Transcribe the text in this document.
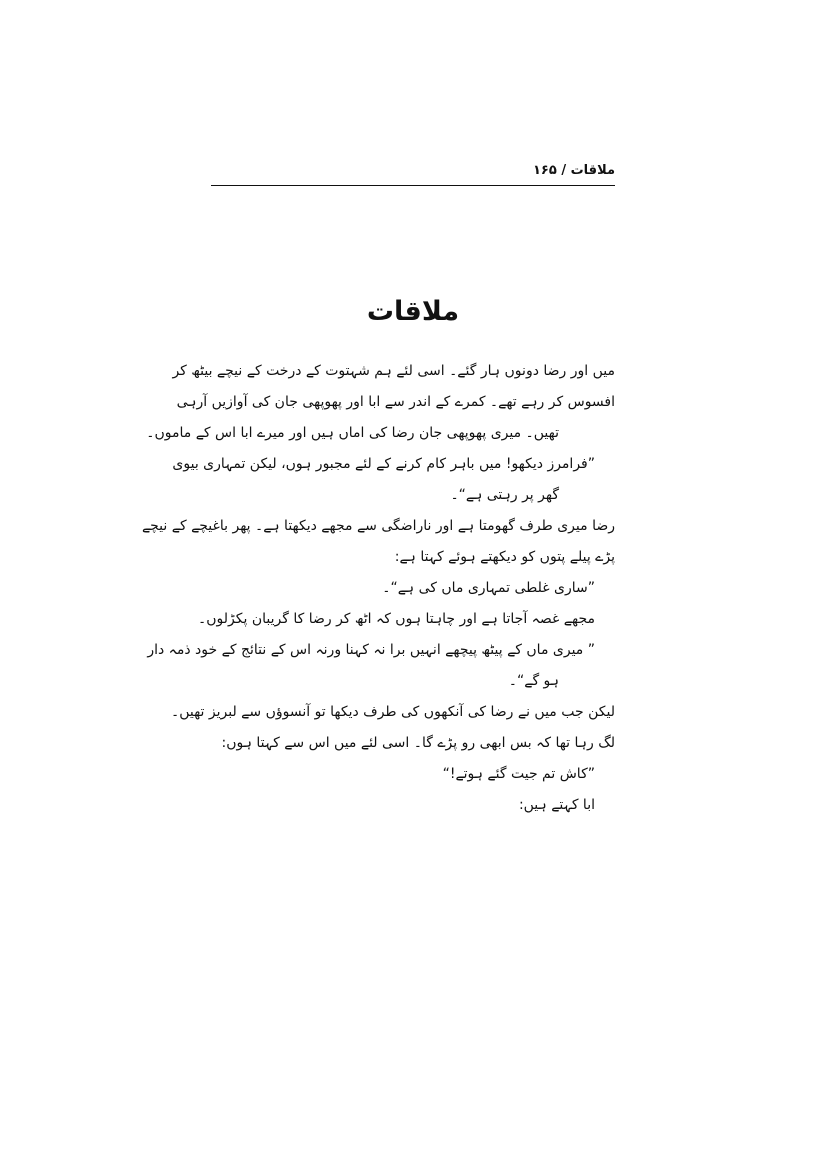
ملاقات / ۱۶۵
ملاقات
میں اور رضا دونوں ہار گئے۔ اسی لئے ہم شہتوت کے درخت کے نیچے بیٹھ کر
افسوس کر رہے تھے۔ کمرے کے اندر سے ابا اور پھوپھی جان کی آوازیں آرہی
تھیں۔ میری پھوپھی جان رضا کی اماں ہیں اور میرے ابا اس کے ماموں۔
”فرامرز دیکھو! میں باہر کام کرنے کے لئے مجبور ہوں، لیکن تمہاری بیوی
گھر پر رہتی ہے“۔
رضا میری طرف گھومتا ہے اور ناراضگی سے مجھے دیکھتا ہے۔ پھر باغیچے کے نیچے
پڑے پیلے پتوں کو دیکھتے ہوئے کہتا ہے:
”ساری غلطی تمہاری ماں کی ہے“۔
مجھے غصہ آجاتا ہے اور چاہتا ہوں کہ اٹھ کر رضا کا گریبان پکڑلوں۔
” میری ماں کے پیٹھ پیچھے انہیں برا نہ کہنا ورنہ اس کے نتائج کے خود ذمہ دار
ہو گے“۔
لیکن جب میں نے رضا کی آنکھوں کی طرف دیکھا تو آنسوؤں سے لبریز تھیں۔
لگ رہا تھا کہ بس ابھی رو پڑے گا۔ اسی لئے میں اس سے کہتا ہوں:
”کاش تم جیت گئے ہوتے!“
ابا کہتے ہیں:
